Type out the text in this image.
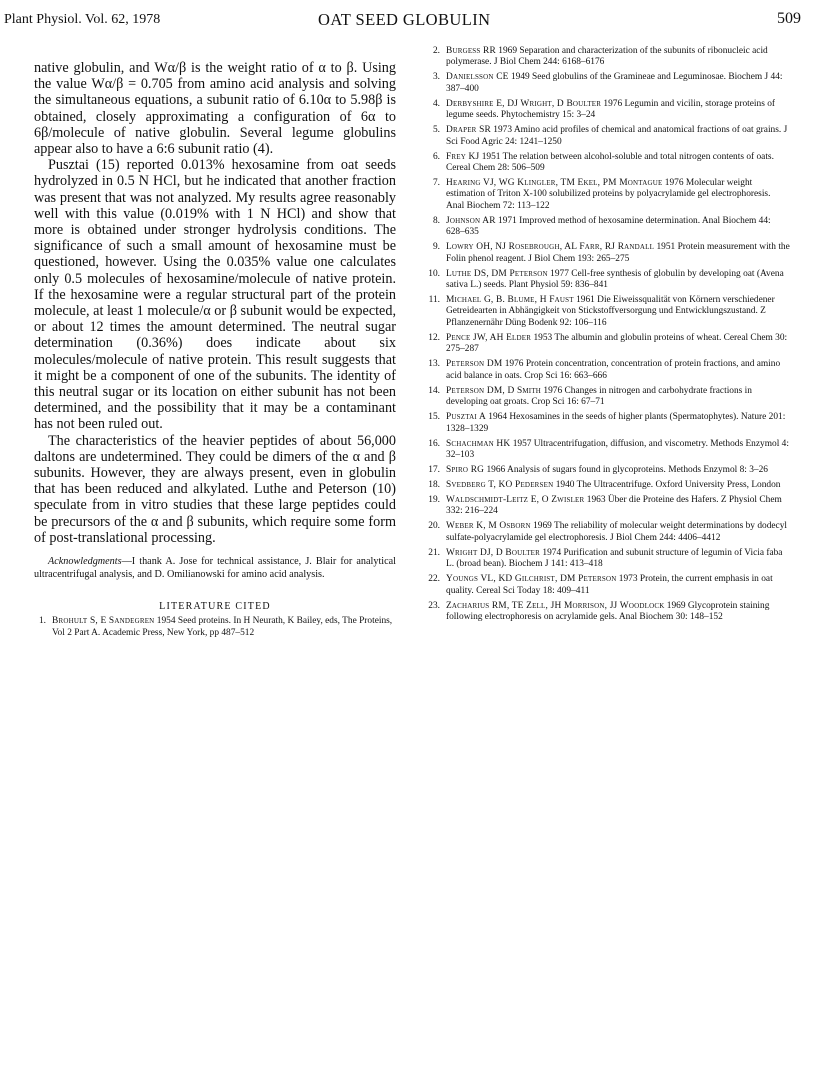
Plant Physiol. Vol. 62, 1978	OAT SEED GLOBULIN	509

native globulin, and Wα/β is the weight ratio of α to β. Using the value Wα/β = 0.705 from amino acid analysis and solving the simultaneous equations, a subunit ratio of 6.10α to 5.98β is obtained, closely approximating a configuration of 6α to 6β/molecule of native globulin. Several legume globulins appear also to have a 6:6 subunit ratio (4).

Pusztai (15) reported 0.013% hexosamine from oat seeds hydrolyzed in 0.5 N HCl, but he indicated that another fraction was present that was not analyzed. My results agree reasonably well with this value (0.019% with 1 N HCl) and show that more is obtained under stronger hydrolysis conditions. The significance of such a small amount of hexosamine must be questioned, however. Using the 0.035% value one calculates only 0.5 molecules of hexosamine/molecule of native protein. If the hexosamine were a regular structural part of the protein molecule, at least 1 molecule/α or β subunit would be expected, or about 12 times the amount determined. The neutral sugar determination (0.36%) does indicate about six molecules/molecule of native protein. This result suggests that it might be a component of one of the subunits. The identity of this neutral sugar or its location on either subunit has not been determined, and the possibility that it may be a contaminant has not been ruled out.

The characteristics of the heavier peptides of about 56,000 daltons are undetermined. They could be dimers of the α and β subunits. However, they are always present, even in globulin that has been reduced and alkylated. Luthe and Peterson (10) speculate from in vitro studies that these large peptides could be precursors of the α and β subunits, which require some form of post-translational processing.

Acknowledgments—I thank A. Jose for technical assistance, J. Blair for analytical ultracentrifugal analysis, and D. Omilianowski for amino acid analysis.
LITERATURE CITED
1. Brohult S, E Sandegren 1954 Seed proteins. In H Neurath, K Bailey, eds, The Proteins, Vol 2 Part A. Academic Press, New York, pp 487–512
2. Burgess RR 1969 Separation and characterization of the subunits of ribonucleic acid polymerase. J Biol Chem 244: 6168–6176
3. Danielsson CE 1949 Seed globulins of the Gramineae and Leguminosae. Biochem J 44: 387–400
4. Derbyshire E, DJ Wright, D Boulter 1976 Legumin and vicilin, storage proteins of legume seeds. Phytochemistry 15: 3–24
5. Draper SR 1973 Amino acid profiles of chemical and anatomical fractions of oat grains. J Sci Food Agric 24: 1241–1250
6. Frey KJ 1951 The relation between alcohol-soluble and total nitrogen contents of oats. Cereal Chem 28: 506–509
7. Hearing VJ, WG Klingler, TM Ekel, PM Montague 1976 Molecular weight estimation of Triton X-100 solubilized proteins by polyacrylamide gel electrophoresis. Anal Biochem 72: 113–122
8. Johnson AR 1971 Improved method of hexosamine determination. Anal Biochem 44: 628–635
9. Lowry OH, NJ Rosebrough, AL Farr, RJ Randall 1951 Protein measurement with the Folin phenol reagent. J Biol Chem 193: 265–275
10. Luthe DS, DM Peterson 1977 Cell-free synthesis of globulin by developing oat (Avena sativa L.) seeds. Plant Physiol 59: 836–841
11. Michael G, B. Blume, H Faust 1961 Die Eiweissqualität von Körnern verschiedener Getreidearten in Abhängigkeit von Stickstoffversorgung und Entwicklungszustand. Z Pflanzenernähr Düng Bodenk 92: 106–116
12. Pence JW, AH Elder 1953 The albumin and globulin proteins of wheat. Cereal Chem 30: 275–287
13. Peterson DM 1976 Protein concentration, concentration of protein fractions, and amino acid balance in oats. Crop Sci 16: 663–666
14. Peterson DM, D Smith 1976 Changes in nitrogen and carbohydrate fractions in developing oat groats. Crop Sci 16: 67–71
15. Pusztai A 1964 Hexosamines in the seeds of higher plants (Spermatophytes). Nature 201: 1328–1329
16. Schachman HK 1957 Ultracentrifugation, diffusion, and viscometry. Methods Enzymol 4: 32–103
17. Spiro RG 1966 Analysis of sugars found in glycoproteins. Methods Enzymol 8: 3–26
18. Svedberg T, KO Pedersen 1940 The Ultracentrifuge. Oxford University Press, London
19. Waldschmidt-Leitz E, O Zwisler 1963 Über die Proteine des Hafers. Z Physiol Chem 332: 216–224
20. Weber K, M Osborn 1969 The reliability of molecular weight determinations by dodecyl sulfate-polyacrylamide gel electrophoresis. J Biol Chem 244: 4406–4412
21. Wright DJ, D Boulter 1974 Purification and subunit structure of legumin of Vicia faba L. (broad bean). Biochem J 141: 413–418
22. Youngs VL, KD Gilchrist, DM Peterson 1973 Protein, the current emphasis in oat quality. Cereal Sci Today 18: 409–411
23. Zacharius RM, TE Zell, JH Morrison, JJ Woodlock 1969 Glycoprotein staining following electrophoresis on acrylamide gels. Anal Biochem 30: 148–152
